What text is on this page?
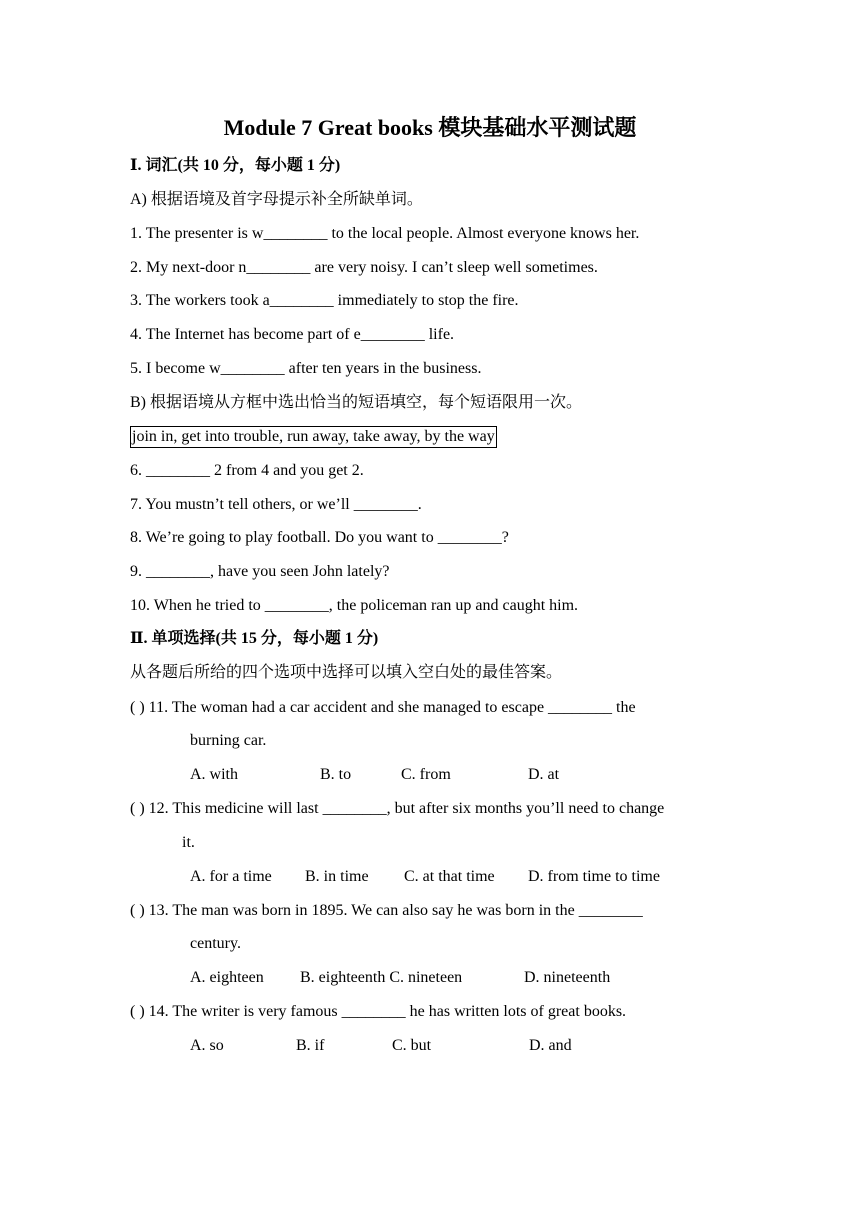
Module 7 Great books 模块基础水平测试题
Ⅰ. 词汇(共 10 分，每小题 1 分)
A) 根据语境及首字母提示补全所缺单词。
1. The presenter is w________ to the local people. Almost everyone knows her.
2. My next-door n________ are very noisy. I can’t sleep well sometimes.
3. The workers took a________ immediately to stop the fire.
4. The Internet has become part of e________ life.
5. I become w________ after ten years in the business.
B) 根据语境从方框中选出恰当的短语填空，每个短语限用一次。
join in, get into trouble, run away, take away, by the way
6. ________ 2 from 4 and you get 2.
7. You mustn’t tell others, or we’ll ________.
8. We’re going to play football. Do you want to ________?
9. ________, have you seen John lately?
10. When he tried to ________, the policeman ran up and caught him.
Ⅱ. 单项选择(共 15 分，每小题 1 分)
从各题后所给的四个选项中选择可以填入空白处的最佳答案。
( ) 11. The woman had a car accident and she managed to escape ________ the
burning car.
A. with	B. to	C. from	D. at
( ) 12. This medicine will last ________, but after six months you’ll need to change
it.
A. for a time B. in time C. at that time D. from time to time
( ) 13. The man was born in 1895. We can also say he was born in the ________
century.
A. eighteen B. eighteenth C. nineteen	D. nineteenth
( ) 14. The writer is very famous ________ he has written lots of great books.
A. so	B. if	C. but	D. and
